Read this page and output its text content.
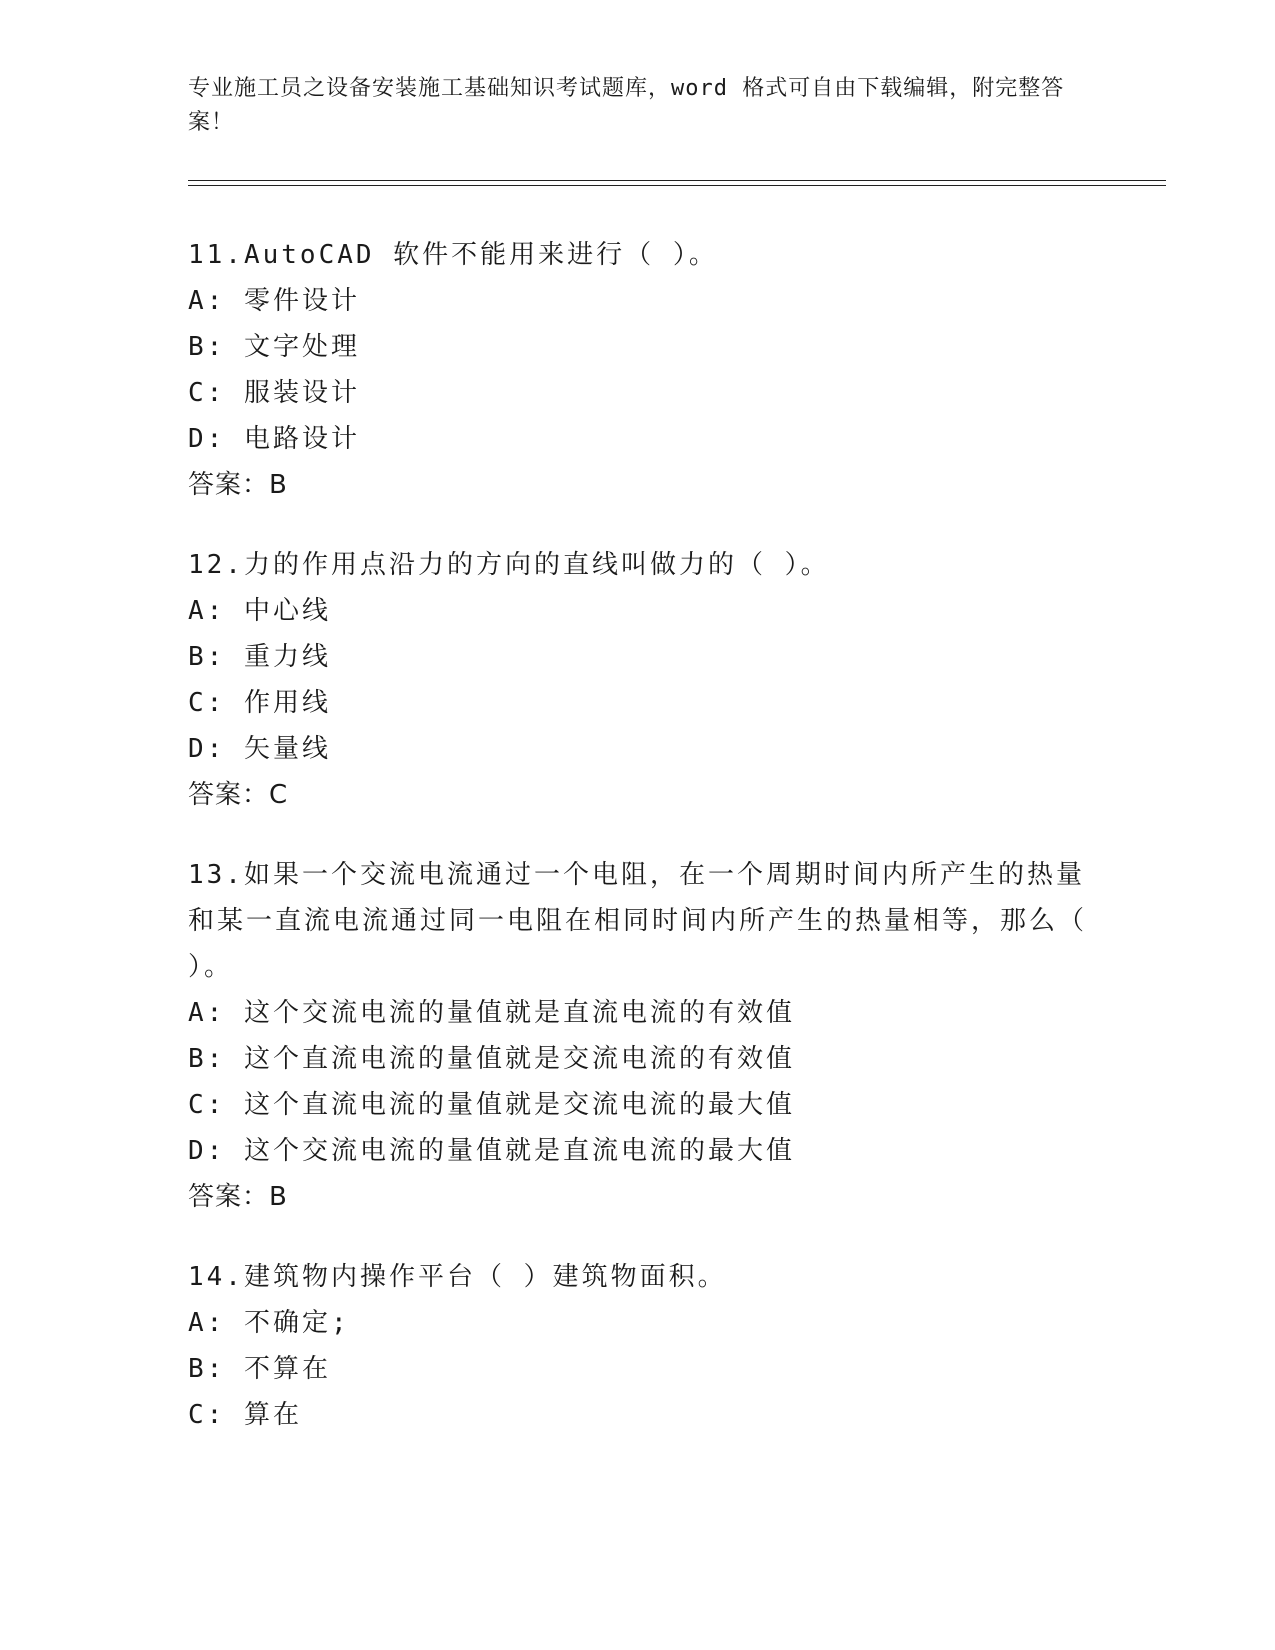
专业施工员之设备安装施工基础知识考试题库，word 格式可自由下载编辑，附完整答案！
11.AutoCAD 软件不能用来进行（ ）。
A: 零件设计
B: 文字处理
C: 服装设计
D: 电路设计
答案：B
12.力的作用点沿力的方向的直线叫做力的（ ）。
A: 中心线
B: 重力线
C: 作用线
D: 矢量线
答案：C
13.如果一个交流电流通过一个电阻，在一个周期时间内所产生的热量和某一直流电流通过同一电阻在相同时间内所产生的热量相等，那么（ ）。
A: 这个交流电流的量值就是直流电流的有效值
B: 这个直流电流的量值就是交流电流的有效值
C: 这个直流电流的量值就是交流电流的最大值
D: 这个交流电流的量值就是直流电流的最大值
答案：B
14.建筑物内操作平台（ ）建筑物面积。
A: 不确定;
B: 不算在
C: 算在
